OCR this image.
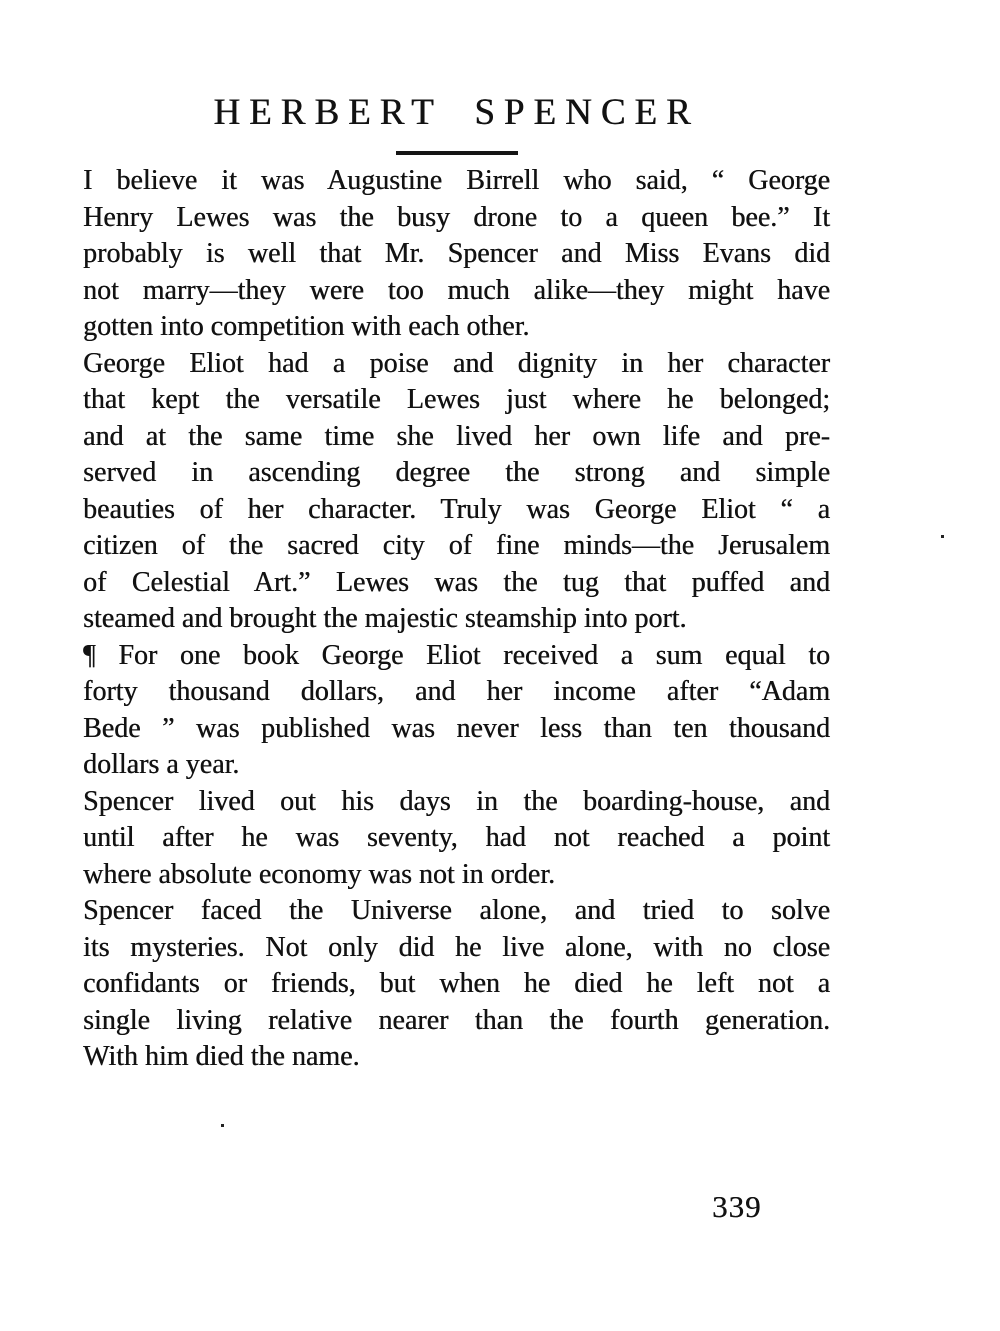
HERBERT SPENCER
I believe it was Augustine Birrell who said, “ George
Henry Lewes was the busy drone to a queen bee.” It
probably is well that Mr. Spencer and Miss Evans did
not marry—they were too much alike—they might have
gotten into competition with each other.
George Eliot had a poise and dignity in her character
that kept the versatile Lewes just where he belonged;
and at the same time she lived her own life and pre-
served in ascending degree the strong and simple
beauties of her character. Truly was George Eliot “ a
citizen of the sacred city of fine minds—the Jerusalem
of Celestial Art.” Lewes was the tug that puffed and
steamed and brought the majestic steamship into port.
¶ For one book George Eliot received a sum equal to
forty thousand dollars, and her income after “Adam
Bede ” was published was never less than ten thousand
dollars a year.
Spencer lived out his days in the boarding-house, and
until after he was seventy, had not reached a point
where absolute economy was not in order.
Spencer faced the Universe alone, and tried to solve
its mysteries. Not only did he live alone, with no close
confidants or friends, but when he died he left not a
single living relative nearer than the fourth generation.
With him died the name.
339
